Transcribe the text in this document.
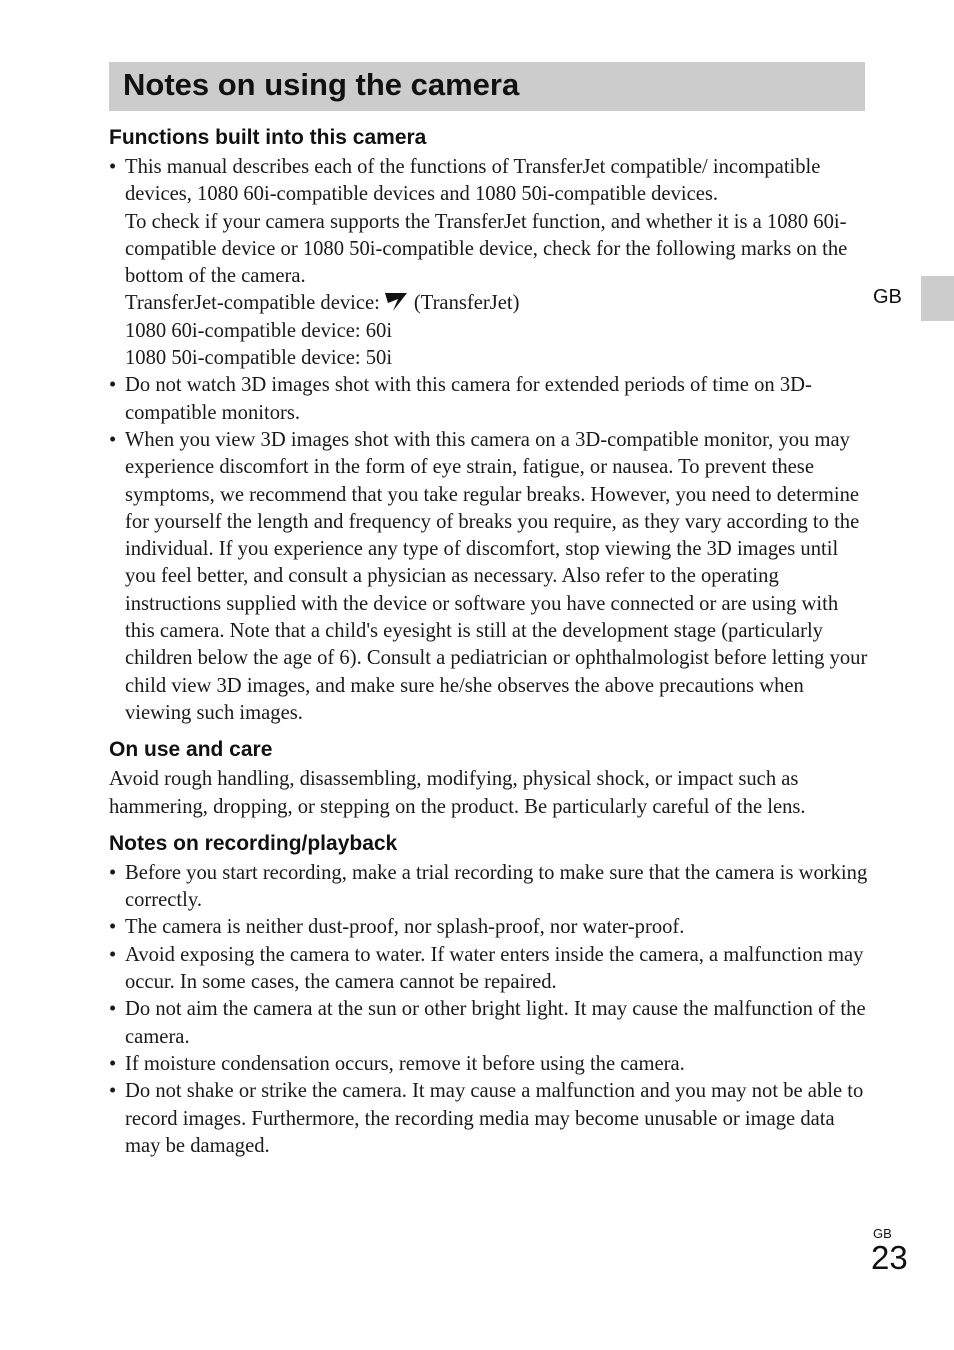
Notes on using the camera
GB
Functions built into this camera
• This manual describes each of the functions of TransferJet compatible/ incompatible devices, 1080 60i-compatible devices and 1080 50i-compatible devices.
To check if your camera supports the TransferJet function, and whether it is a 1080 60i-compatible device or 1080 50i-compatible device, check for the following marks on the bottom of the camera.
TransferJet-compatible device: (TransferJet)
1080 60i-compatible device: 60i
1080 50i-compatible device: 50i
• Do not watch 3D images shot with this camera for extended periods of time on 3D-compatible monitors.
• When you view 3D images shot with this camera on a 3D-compatible monitor, you may experience discomfort in the form of eye strain, fatigue, or nausea. To prevent these symptoms, we recommend that you take regular breaks. However, you need to determine for yourself the length and frequency of breaks you require, as they vary according to the individual. If you experience any type of discomfort, stop viewing the 3D images until you feel better, and consult a physician as necessary. Also refer to the operating instructions supplied with the device or software you have connected or are using with this camera. Note that a child's eyesight is still at the development stage (particularly children below the age of 6). Consult a pediatrician or ophthalmologist before letting your child view 3D images, and make sure he/she observes the above precautions when viewing such images.
On use and care

Avoid rough handling, disassembling, modifying, physical shock, or impact such as hammering, dropping, or stepping on the product. Be particularly careful of the lens.

Notes on recording/playback
• Before you start recording, make a trial recording to make sure that the camera is working correctly.
• The camera is neither dust-proof, nor splash-proof, nor water-proof.
• Avoid exposing the camera to water. If water enters inside the camera, a malfunction may occur. In some cases, the camera cannot be repaired.
• Do not aim the camera at the sun or other bright light. It may cause the malfunction of the camera.
• If moisture condensation occurs, remove it before using the camera.
• Do not shake or strike the camera. It may cause a malfunction and you may not be able to record images. Furthermore, the recording media may become unusable or image data may be damaged.
GB
23
